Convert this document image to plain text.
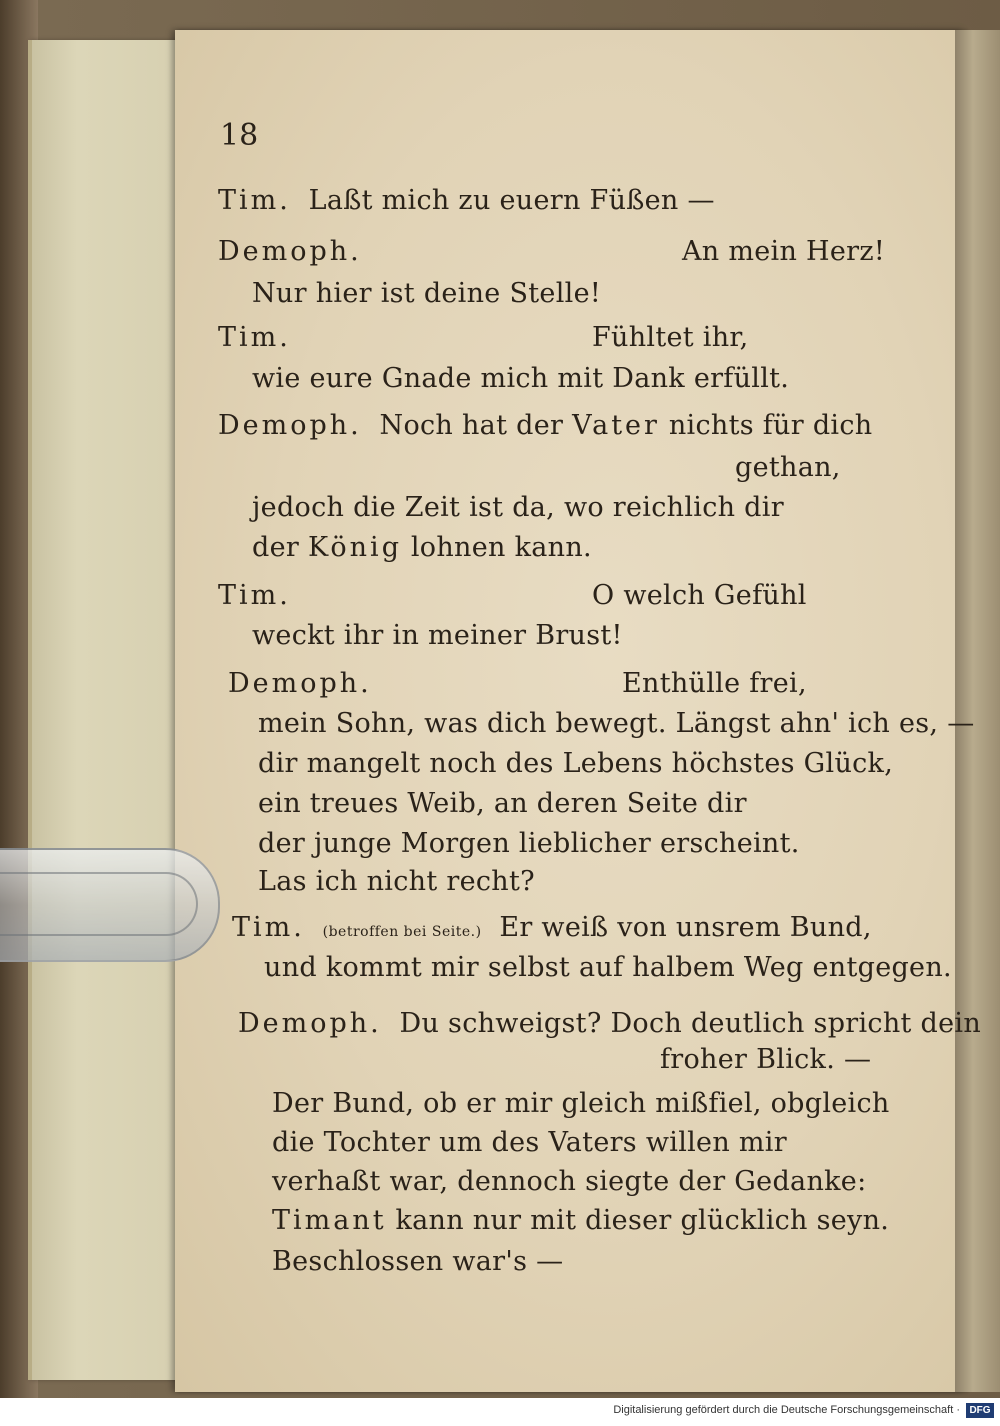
18
Tim. Laßt mich zu euern Füßen —
Demoph.	An mein Herz!
Nur hier ist deine Stelle!
Tim.	Fühltet ihr,
wie eure Gnade mich mit Dank erfüllt.
Demoph. Noch hat der Vater nichts für dich
gethan,
jedoch die Zeit ist da, wo reichlich dir
der König lohnen kann.
Tim.	O welch Gefühl
weckt ihr in meiner Brust!
Demoph.	Enthülle frei,
mein Sohn, was dich bewegt. Längst ahn' ich es, —
dir mangelt noch des Lebens höchstes Glück,
ein treues Weib, an deren Seite dir
der junge Morgen lieblicher erscheint.
Las ich nicht recht?
Tim. (betroffen bei Seite.) Er weiß von unsrem Bund,
und kommt mir selbst auf halbem Weg entgegen.
Demoph. Du schweigst? Doch deutlich spricht dein
froher Blick. —
Der Bund, ob er mir gleich mißfiel, obgleich
die Tochter um des Vaters willen mir
verhaßt war, dennoch siegte der Gedanke:
Timant kann nur mit dieser glücklich seyn.
Beschlossen war's —
Digitalisierung gefördert durch die Deutsche Forschungsgemeinschaft · DFG
